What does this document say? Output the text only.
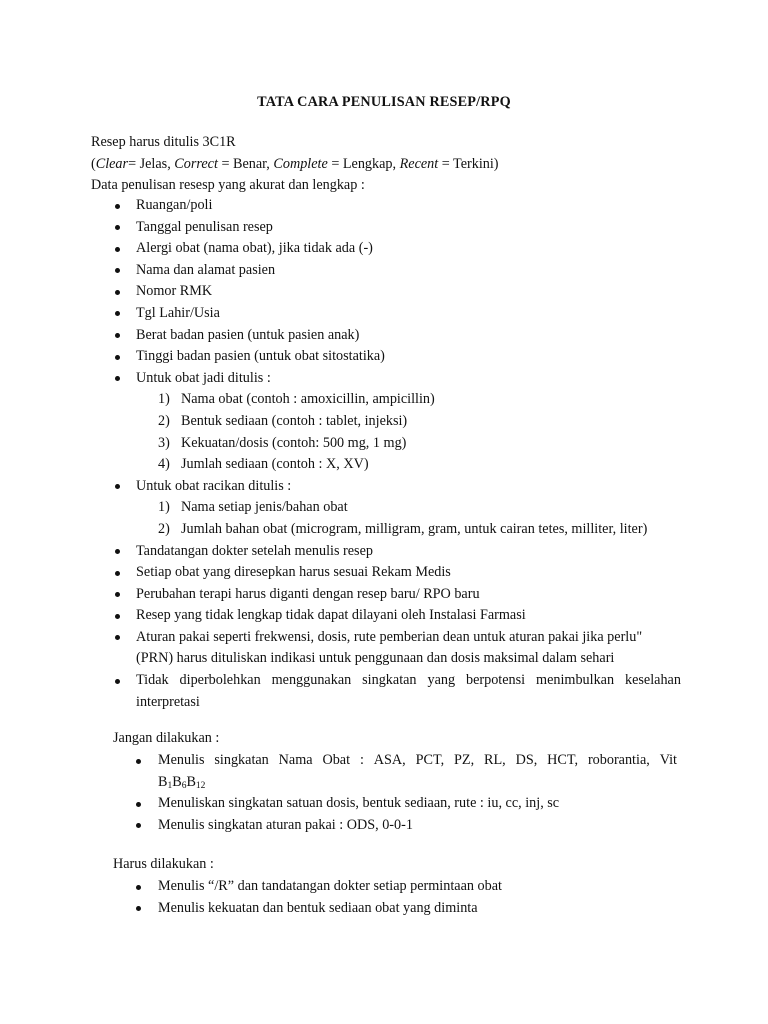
TATA CARA PENULISAN RESEP/RPQ
Resep harus ditulis 3C1R
(Clear= Jelas, Correct = Benar, Complete = Lengkap, Recent = Terkini)
Data penulisan resesp yang akurat dan lengkap :
Ruangan/poli
Tanggal penulisan resep
Alergi obat (nama obat), jika tidak ada (-)
Nama dan alamat pasien
Nomor RMK
Tgl Lahir/Usia
Berat badan pasien (untuk pasien anak)
Tinggi badan pasien (untuk obat sitostatika)
Untuk obat jadi ditulis :
1) Nama obat (contoh : amoxicillin, ampicillin)
2) Bentuk sediaan (contoh : tablet, injeksi)
3) Kekuatan/dosis (contoh: 500 mg, 1 mg)
4) Jumlah sediaan (contoh : X, XV)
Untuk obat racikan ditulis :
1) Nama setiap jenis/bahan obat
2) Jumlah bahan obat (microgram, milligram, gram, untuk cairan tetes, milliter, liter)
Tandatangan dokter setelah menulis resep
Setiap obat yang diresepkan harus sesuai Rekam Medis
Perubahan terapi harus diganti dengan resep baru/ RPO baru
Resep yang tidak lengkap tidak dapat dilayani oleh Instalasi Farmasi
Aturan pakai seperti frekwensi, dosis, rute pemberian dean untuk aturan pakai jika perlu"
(PRN) harus dituliskan indikasi untuk penggunaan dan dosis maksimal dalam sehari
Tidak diperbolehkan menggunakan singkatan yang berpotensi menimbulkan keselahan
interpretasi
Jangan dilakukan :
Menulis singkatan Nama Obat : ASA, PCT, PZ, RL, DS, HCT, roborantia, Vit
$B_1B_6B_{12}$
Menuliskan singkatan satuan dosis, bentuk sediaan, rute : iu, cc, inj, sc
Menulis singkatan aturan pakai : ODS, 0-0-1
Harus dilakukan :
Menulis “/R” dan tandatangan dokter setiap permintaan obat
Menulis kekuatan dan bentuk sediaan obat yang diminta
